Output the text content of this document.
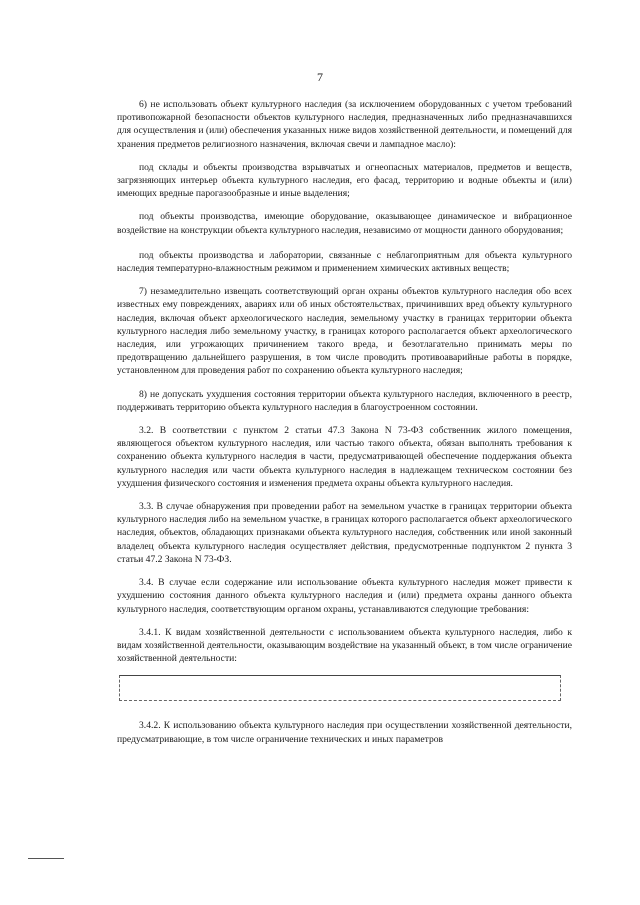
7

6) не использовать объект культурного наследия (за исключением оборудованных с учетом требований противопожарной безопасности объектов культурного наследия, предназначенных либо предназначавшихся для осуществления и (или) обеспечения указанных ниже видов хозяйственной деятельности, и помещений для хранения предметов религиозного назначения, включая свечи и лампадное масло):

под склады и объекты производства взрывчатых и огнеопасных материалов, предметов и веществ, загрязняющих интерьер объекта культурного наследия, его фасад, территорию и водные объекты и (или) имеющих вредные парогазообразные и иные выделения;

под объекты производства, имеющие оборудование, оказывающее динамическое и вибрационное воздействие на конструкции объекта культурного наследия, независимо от мощности данного оборудования;

под объекты производства и лаборатории, связанные с неблагоприятным для объекта культурного наследия температурно-влажностным режимом и применением химических активных веществ;

7) незамедлительно извещать соответствующий орган охраны объектов культурного наследия обо всех известных ему повреждениях, авариях или об иных обстоятельствах, причинивших вред объекту культурного наследия, включая объект археологического наследия, земельному участку в границах территории объекта культурного наследия либо земельному участку, в границах которого располагается объект археологического наследия, или угрожающих причинением такого вреда, и безотлагательно принимать меры по предотвращению дальнейшего разрушения, в том числе проводить противоаварийные работы в порядке, установленном для проведения работ по сохранению объекта культурного наследия;

8) не допускать ухудшения состояния территории объекта культурного наследия, включенного в реестр, поддерживать территорию объекта культурного наследия в благоустроенном состоянии.

3.2. В соответствии с пунктом 2 статьи 47.3 Закона N 73-ФЗ собственник жилого помещения, являющегося объектом культурного наследия, или частью такого объекта, обязан выполнять требования к сохранению объекта культурного наследия в части, предусматривающей обеспечение поддержания объекта культурного наследия или части объекта культурного наследия в надлежащем техническом состоянии без ухудшения физического состояния и изменения предмета охраны объекта культурного наследия.

3.3. В случае обнаружения при проведении работ на земельном участке в границах территории объекта культурного наследия либо на земельном участке, в границах которого располагается объект археологического наследия, объектов, обладающих признаками объекта культурного наследия, собственник или иной законный владелец объекта культурного наследия осуществляет действия, предусмотренные подпунктом 2 пункта 3 статьи 47.2 Закона N 73-ФЗ.

3.4. В случае если содержание или использование объекта культурного наследия может привести к ухудшению состояния данного объекта культурного наследия и (или) предмета охраны данного объекта культурного наследия, соответствующим органом охраны, устанавливаются следующие требования:

3.4.1. К видам хозяйственной деятельности с использованием объекта культурного наследия, либо к видам хозяйственной деятельности, оказывающим воздействие на указанный объект, в том числе ограничение хозяйственной деятельности:

3.4.2. К использованию объекта культурного наследия при осуществлении хозяйственной деятельности, предусматривающие, в том числе ограничение технических и иных параметров
